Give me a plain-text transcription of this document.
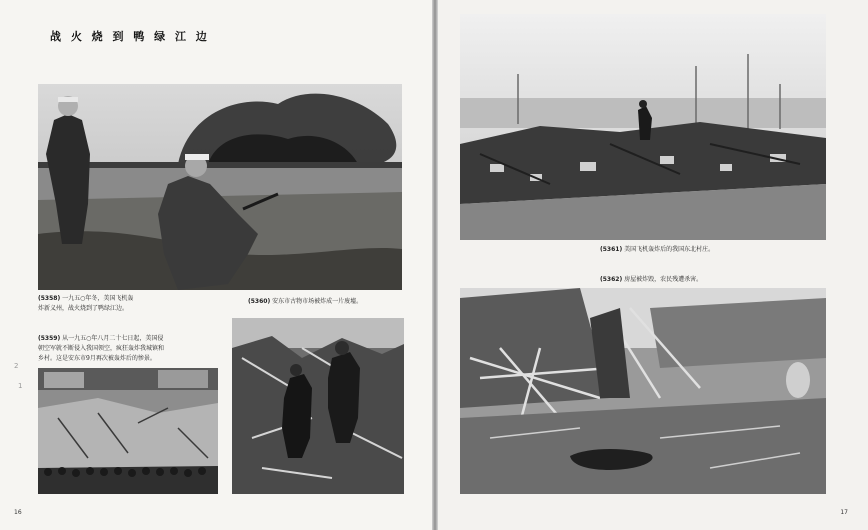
战 火 烧 到 鸭 绿 江 边
(5358) 一九五○年冬，美国飞机轰
炸新义州，战火烧到了鸭绿江边。
(5360) 安东市古物市场被炸成一片废墟。
(5359) 从一九五○年八月二十七日起，美国侵
朝空军就不断侵入我国领空，疯狂轰炸我城镇和
乡村。这是安东市9月再次被轰炸后的惨景。
2
1
16
(5361) 美国飞机轰炸后的我国东北村庄。
(5362) 房屋被炸毁，农民残遭杀害。
17
